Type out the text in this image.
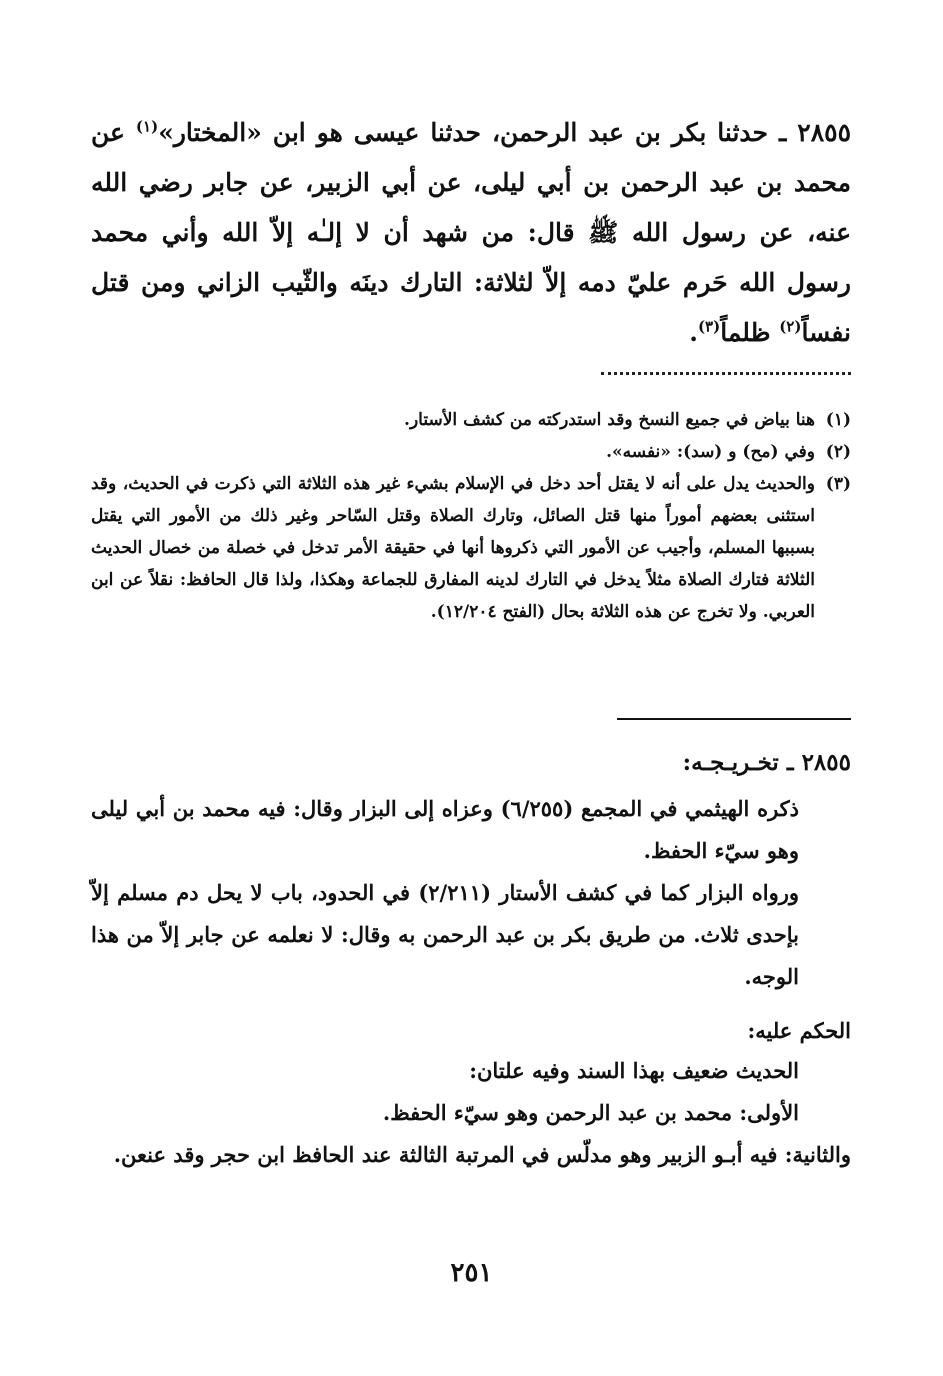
٢٨٥٥ ـ حدثنا بكر بن عبد الرحمن، حدثنا عيسى هو ابن «المختار»$^{(١)}$ عن محمد بن عبد الرحمن بن أبي ليلى، عن أبي الزبير، عن جابر رضي الله عنه، عن رسول الله ﷺ قال: من شهد أن لا إلـٰه إلاّ الله وأني محمد رسول الله حَرم عليّ دمه إلاّ لثلاثة: التارك دينَه والثّيب الزاني ومن قتل نفساً$^{(٢)}$ ظلماً$^{(٣)}$.

(١)
هنا بياض في جميع النسخ وقد استدركته من كشف الأستار.
(٢)
وفي (مح) و (سد): «نفسه».
(٣)
والحديث يدل على أنه لا يقتل أحد دخل في الإسلام بشيء غير هذه الثلاثة التي ذكرت في الحديث، وقد استثنى بعضهم أموراً منها قتل الصائل، وتارك الصلاة وقتل السّاحر وغير ذلك من الأمور التي يقتل بسببها المسلم، وأجيب عن الأمور التي ذكروها أنها في حقيقة الأمر تدخل في خصلة من خصال الحديث الثلاثة فتارك الصلاة مثلاً يدخل في التارك لدينه المفارق للجماعة وهكذا، ولذا قال الحافظ: نقلاً عن ابن العربي. ولا تخرج عن هذه الثلاثة بحال (الفتح ١٢/٢٠٤).
٢٨٥٥ ـ تخـريـجـه:

ذكره الهيثمي في المجمع (٦/٢٥٥) وعزاه إلى البزار وقال: فيه محمد بن أبي ليلى وهو سيّء الحفظ.

ورواه البزار كما في كشف الأستار (٢/٢١١) في الحدود، باب لا يحل دم مسلم إلاّ بإحدى ثلاث. من طريق بكر بن عبد الرحمن به وقال: لا نعلمه عن جابر إلاّ من هذا الوجه.

الحكم عليه:

الحديث ضعيف بهذا السند وفيه علتان:

الأولى: محمد بن عبد الرحمن وهو سيّء الحفظ.

والثانية: فيه أبـو الزبير وهو مدلّس في المرتبة الثالثة عند الحافظ ابن حجر وقد عنعن.

٢٥١
